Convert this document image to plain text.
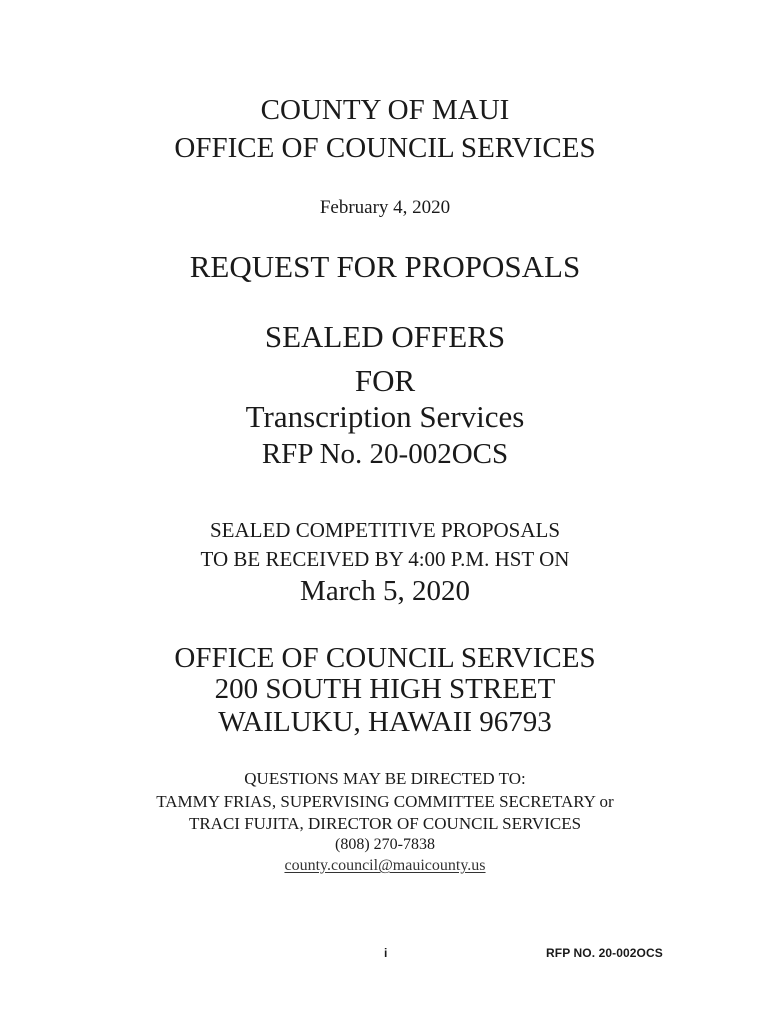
COUNTY OF MAUI
OFFICE OF COUNCIL SERVICES
February 4, 2020
REQUEST FOR PROPOSALS
SEALED OFFERS
FOR
Transcription Services
RFP No. 20-002OCS
SEALED COMPETITIVE PROPOSALS
TO BE RECEIVED BY 4:00 P.M. HST ON
March 5, 2020
OFFICE OF COUNCIL SERVICES
200 SOUTH HIGH STREET
WAILUKU, HAWAII 96793
QUESTIONS MAY BE DIRECTED TO:
TAMMY FRIAS, SUPERVISING COMMITTEE SECRETARY or
TRACI FUJITA, DIRECTOR OF COUNCIL SERVICES
(808) 270-7838
county.council@mauicounty.us
i	RFP NO. 20-002OCS
